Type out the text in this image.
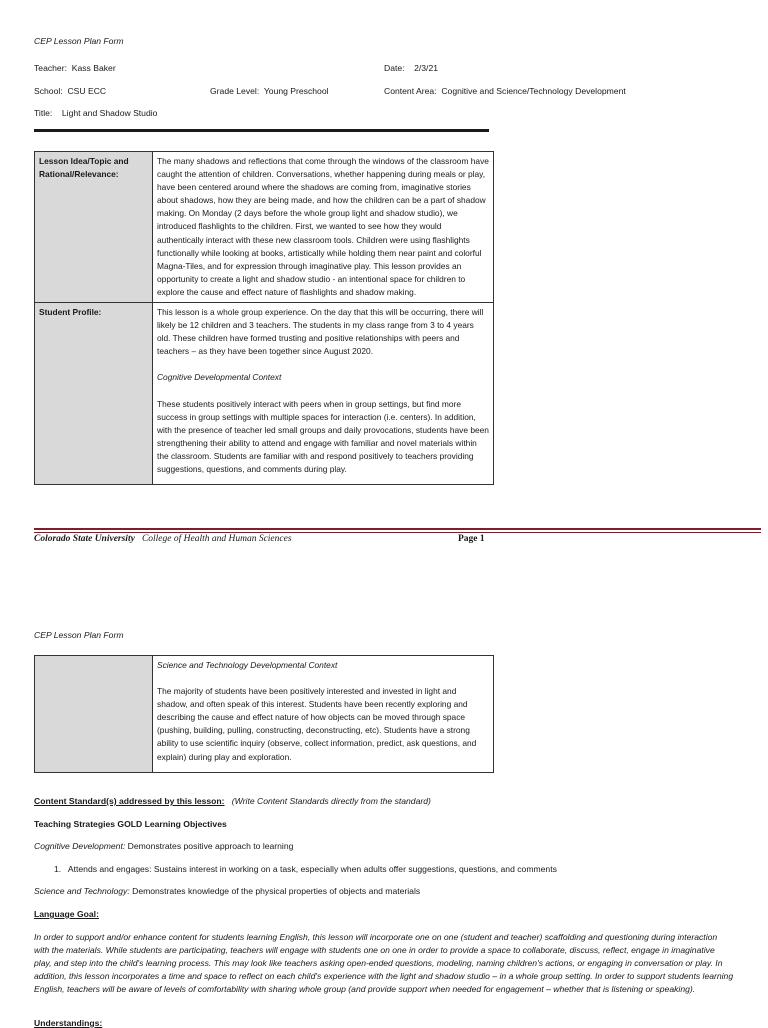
CEP Lesson Plan Form
Teacher: Kass Baker	Date: 2/3/21
School: CSU ECC	Grade Level: Young Preschool	Content Area: Cognitive and Science/Technology Development
Title: Light and Shadow Studio
Lesson Idea/Topic and Rational/Relevance:	The many shadows and reflections that come through the windows of the classroom have caught the attention of children. Conversations, whether happening during meals or play, have been centered around where the shadows are coming from, imaginative stories about shadows, how they are being made, and how the children can be a part of shadow making. On Monday (2 days before the whole group light and shadow studio), we introduced flashlights to the children. First, we wanted to see how they would authentically interact with these new classroom tools. Children were using flashlights functionally while looking at books, artistically while holding them near paint and colorful Magna-Tiles, and for expression through imaginative play. This lesson provides an opportunity to create a light and shadow studio - an intentional space for children to explore the cause and effect nature of flashlights and shadow making.

Student Profile:	This lesson is a whole group experience. On the day that this will be occurring, there will likely be 12 children and 3 teachers. The students in my class range from 3 to 4 years old. These children have formed trusting and positive relationships with peers and teachers – as they have been together since August 2020.

Cognitive Developmental Context

These students positively interact with peers when in group settings, but find more success in group settings with multiple spaces for interaction (i.e. centers). In addition, with the presence of teacher led small groups and daily provocations, students have been strengthening their ability to attend and engage with familiar and novel materials within the classroom. Students are familiar with and respond positively to teachers providing suggestions, questions, and comments during play.

Colorado State University College of Health and Human Sciences	Page 1
CEP Lesson Plan Form

Science and Technology Developmental Context

The majority of students have been positively interested and invested in light and shadow, and often speak of this interest. Students have been recently exploring and describing the cause and effect nature of how objects can be moved through space (pushing, building, pulling, constructing, deconstructing, etc). Students have a strong ability to use scientific inquiry (observe, collect information, predict, ask questions, and explain) during play and exploration.

Content Standard(s) addressed by this lesson: (Write Content Standards directly from the standard)
Teaching Strategies GOLD Learning Objectives
Cognitive Development: Demonstrates positive approach to learning
1. Attends and engages: Sustains interest in working on a task, especially when adults offer suggestions, questions, and comments
Science and Technology: Demonstrates knowledge of the physical properties of objects and materials
Language Goal:
In order to support and/or enhance content for students learning English, this lesson will incorporate one on one (student and teacher) scaffolding and questioning during interaction with the materials. While students are participating, teachers will engage with students one on one in order to provide a space to collaborate, discuss, reflect, engage in imaginative play, and step into the child's learning process. This may look like teachers asking open-ended questions, modeling, naming children's actions, or engaging in conversation or play. In addition, this lesson incorporates a time and space to reflect on each child's experience with the light and shadow studio – in a whole group setting. In order to support students learning English, teachers will be aware of levels of comfortability with sharing whole group (and provide support when needed for engagement – whether that is listening or speaking).
Understandings:
